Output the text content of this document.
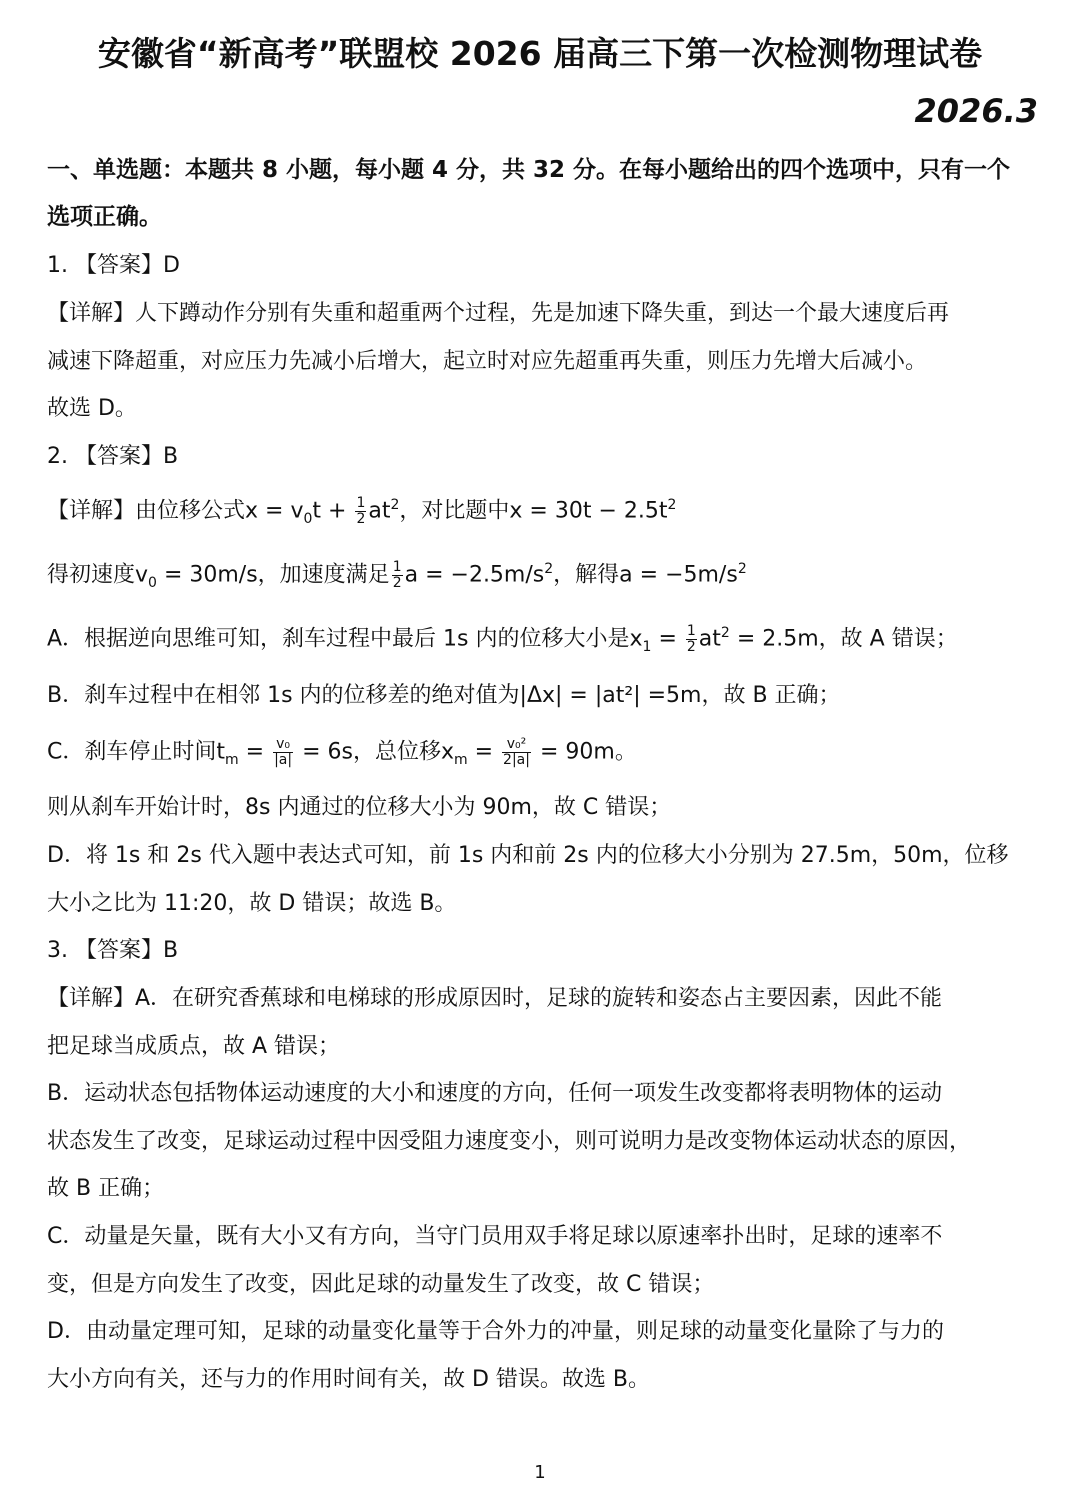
安徽省“新高考”联盟校 2026 届高三下第一次检测物理试卷
2026.3
一、单选题：本题共 8 小题，每小题 4 分，共 32 分。在每小题给出的四个选项中，只有一个
选项正确。
1. 【答案】D
【详解】人下蹲动作分别有失重和超重两个过程，先是加速下降失重，到达一个最大速度后再
减速下降超重，对应压力先减小后增大，起立时对应先超重再失重，则压力先增大后减小。
故选 D。
2. 【答案】B
【详解】由位移公式$x = v_0t + \frac{1}{2} at^2$，对比题中$x = 30t - 2.5t^2$
得初速度$v_0 = 30m/s$，加速度满足 $\frac{1}{2}$ $a = -2.5m/s^2$，解得$a = -5m/s^2$
A．根据逆向思维可知，刹车过程中最后 1s 内的位移大小是$x_1 = \frac{1}{2} at^2 = 2.5m$，故 A 错误；
B．刹车过程中在相邻 1s 内的位移差的绝对值为|Δx| = |at²| =5m，故 B 正确；
C．刹车停止时间$t_m = \frac{\text{v₀}}{|a|} = 6s$，总位移$x_m = \frac{\text{v₀²}}{2|a|} = 90m$。
则从刹车开始计时，8s 内通过的位移大小为 90m，故 C 错误；
D．将 1s 和 2s 代入题中表达式可知，前 1s 内和前 2s 内的位移大小分别为 27.5m，50m，位移
大小之比为 11:20，故 D 错误；故选 B。
3. 【答案】B
【详解】A．在研究香蕉球和电梯球的形成原因时，足球的旋转和姿态占主要因素，因此不能
把足球当成质点，故 A 错误；
B．运动状态包括物体运动速度的大小和速度的方向，任何一项发生改变都将表明物体的运动
状态发生了改变，足球运动过程中因受阻力速度变小，则可说明力是改变物体运动状态的原因，
故 B 正确；
C．动量是矢量，既有大小又有方向，当守门员用双手将足球以原速率扑出时，足球的速率不
变，但是方向发生了改变，因此足球的动量发生了改变，故 C 错误；
D．由动量定理可知，足球的动量变化量等于合外力的冲量，则足球的动量变化量除了与力的
大小方向有关，还与力的作用时间有关，故 D 错误。故选 B。
1
